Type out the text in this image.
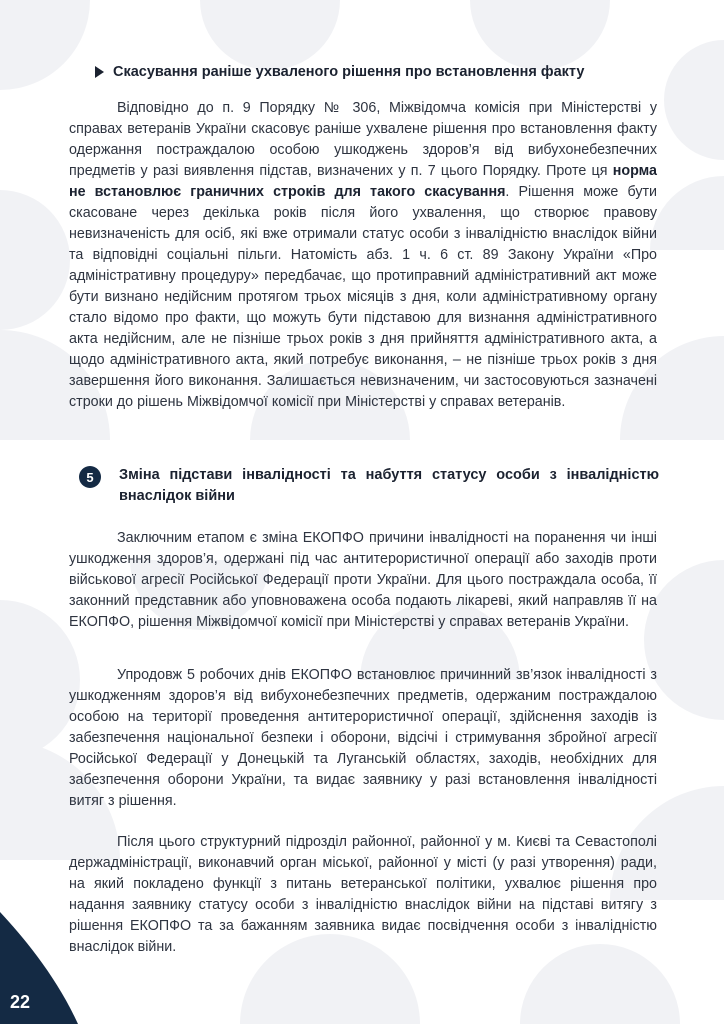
Скасування раніше ухваленого рішення про встановлення факту

Відповідно до п. 9 Порядку № 306, Міжвідомча комісія при Міністерстві у справах ветеранів України скасовує раніше ухвалене рішення про встановлення факту одержання постраждалою особою ушкоджень здоров’я від вибухонебезпечних предметів у разі виявлення підстав, визначених у п. 7 цього Порядку. Проте ця норма не встановлює граничних строків для такого скасування. Рішення може бути скасоване через декілька років після його ухвалення, що створює правову невизначеність для осіб, які вже отримали статус особи з інвалідністю внаслідок війни та відповідні соціальні пільги. Натомість абз. 1 ч. 6 ст. 89 Закону України «Про адміністративну процедуру» передбачає, що протиправний адміністративний акт може бути визнано недійсним протягом трьох місяців з дня, коли адміністративному органу стало відомо про факти, що можуть бути підставою для визнання адміністративного акта недійсним, але не пізніше трьох років з дня прийняття адміністративного акта, а щодо адміністративного акта, який потребує виконання, – не пізніше трьох років з дня завершення його виконання. Залишається невизначеним, чи застосовуються зазначені строки до рішень Міжвідомчої комісії при Міністерстві у справах ветеранів.

5	Зміна підстави інвалідності та набуття статусу особи з інвалідністю внаслідок війни

Заключним етапом є зміна ЕКОПФО причини інвалідності на поранення чи інші ушкодження здоров’я, одержані під час антитерористичної операції або заходів проти військової агресії Російської Федерації проти України. Для цього постраждала особа, її законний представник або уповноважена особа подають лікареві, який направляв її на ЕКОПФО, рішення Міжвідомчої комісії при Міністерстві у справах ветеранів України.

Упродовж 5 робочих днів ЕКОПФО встановлює причинний зв’язок інвалідності з ушкодженням здоров’я від вибухонебезпечних предметів, одержаним постраждалою особою на території проведення антитерористичної операції, здійснення заходів із забезпечення національної безпеки і оборони, відсічі і стримування збройної агресії Російської Федерації у Донецькій та Луганській областях, заходів, необхідних для забезпечення оборони України, та видає заявнику у разі встановлення інвалідності витяг з рішення.

Після цього структурний підрозділ районної, районної у м. Києві та Севастополі держадміністрації, виконавчий орган міської, районної у місті (у разі утворення) ради, на який покладено функції з питань ветеранської політики, ухвалює рішення про надання заявнику статусу особи з інвалідністю внаслідок війни на підставі витягу з рішення ЕКОПФО та за бажанням заявника видає посвідчення особи з інвалідністю внаслідок війни.

22
